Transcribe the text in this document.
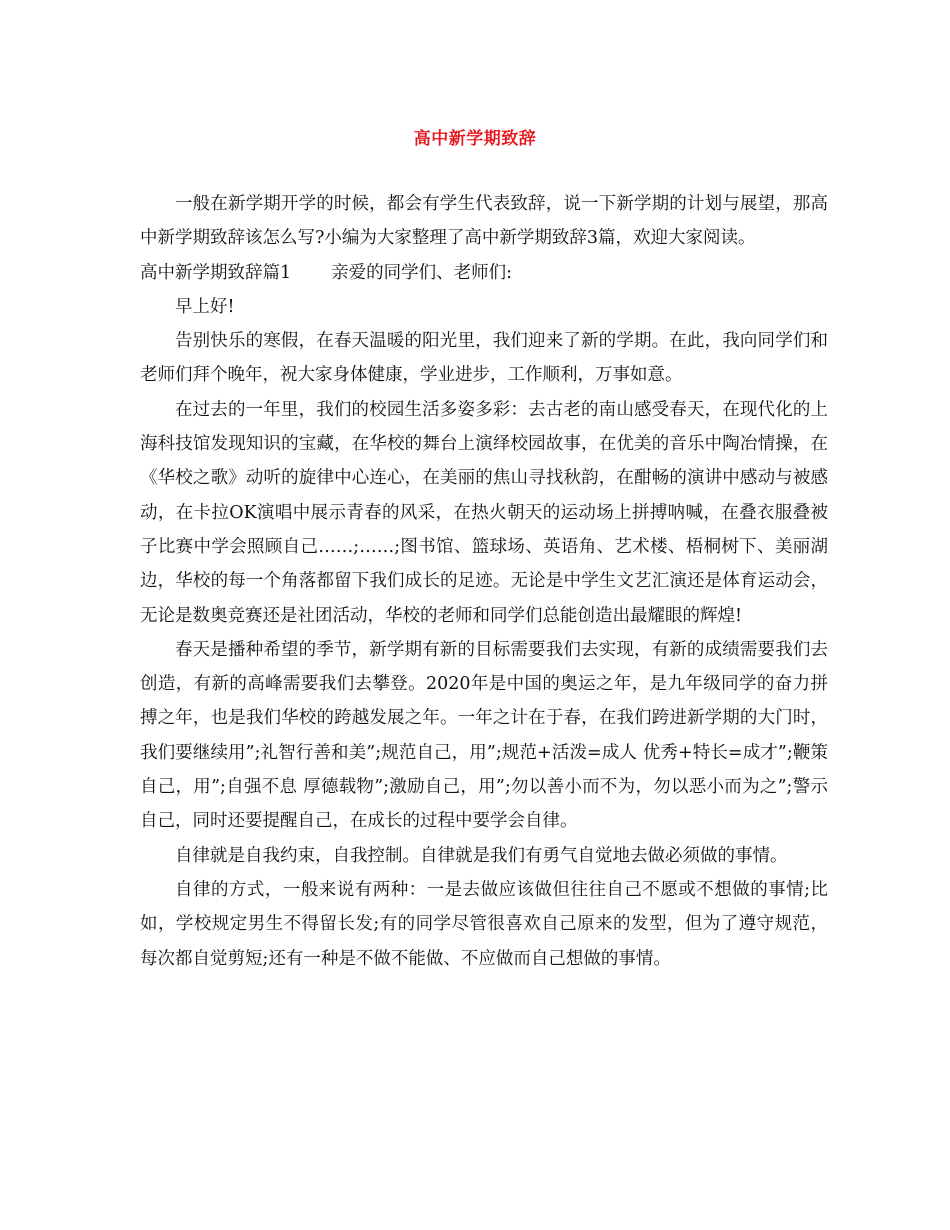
高中新学期致辞

一般在新学期开学的时候，都会有学生代表致辞，说一下新学期的计划与展望，那高中新学期致辞该怎么写?小编为大家整理了高中新学期致辞3篇，欢迎大家阅读。

高中新学期致辞篇1 亲爱的同学们、老师们:

早上好!

告别快乐的寒假，在春天温暖的阳光里，我们迎来了新的学期。在此，我向同学们和老师们拜个晚年，祝大家身体健康，学业进步，工作顺利，万事如意。

在过去的一年里，我们的校园生活多姿多彩：去古老的南山感受春天，在现代化的上海科技馆发现知识的宝藏，在华校的舞台上演绎校园故事，在优美的音乐中陶冶情操，在《华校之歌》动听的旋律中心连心，在美丽的焦山寻找秋韵，在酣畅的演讲中感动与被感动，在卡拉OK演唱中展示青春的风采，在热火朝天的运动场上拼搏呐喊，在叠衣服叠被子比赛中学会照顾自己……;……;图书馆、篮球场、英语角、艺术楼、梧桐树下、美丽湖边，华校的每一个角落都留下我们成长的足迹。无论是中学生文艺汇演还是体育运动会，无论是数奥竞赛还是社团活动，华校的老师和同学们总能创造出最耀眼的辉煌!

春天是播种希望的季节，新学期有新的目标需要我们去实现，有新的成绩需要我们去创造，有新的高峰需要我们去攀登。2020年是中国的奥运之年，是九年级同学的奋力拼搏之年，也是我们华校的跨越发展之年。一年之计在于春，在我们跨进新学期的大门时，我们要继续用”;礼智行善和美”;规范自己，用”;规范+活泼=成人 优秀+特长=成才”;鞭策自己，用”;自强不息 厚德载物”;激励自己，用”;勿以善小而不为，勿以恶小而为之”;警示自己，同时还要提醒自己，在成长的过程中要学会自律。

自律就是自我约束，自我控制。自律就是我们有勇气自觉地去做必须做的事情。

自律的方式，一般来说有两种：一是去做应该做但往往自己不愿或不想做的事情;比如，学校规定男生不得留长发;有的同学尽管很喜欢自己原来的发型，但为了遵守规范，每次都自觉剪短;还有一种是不做不能做、不应做而自己想做的事情。
